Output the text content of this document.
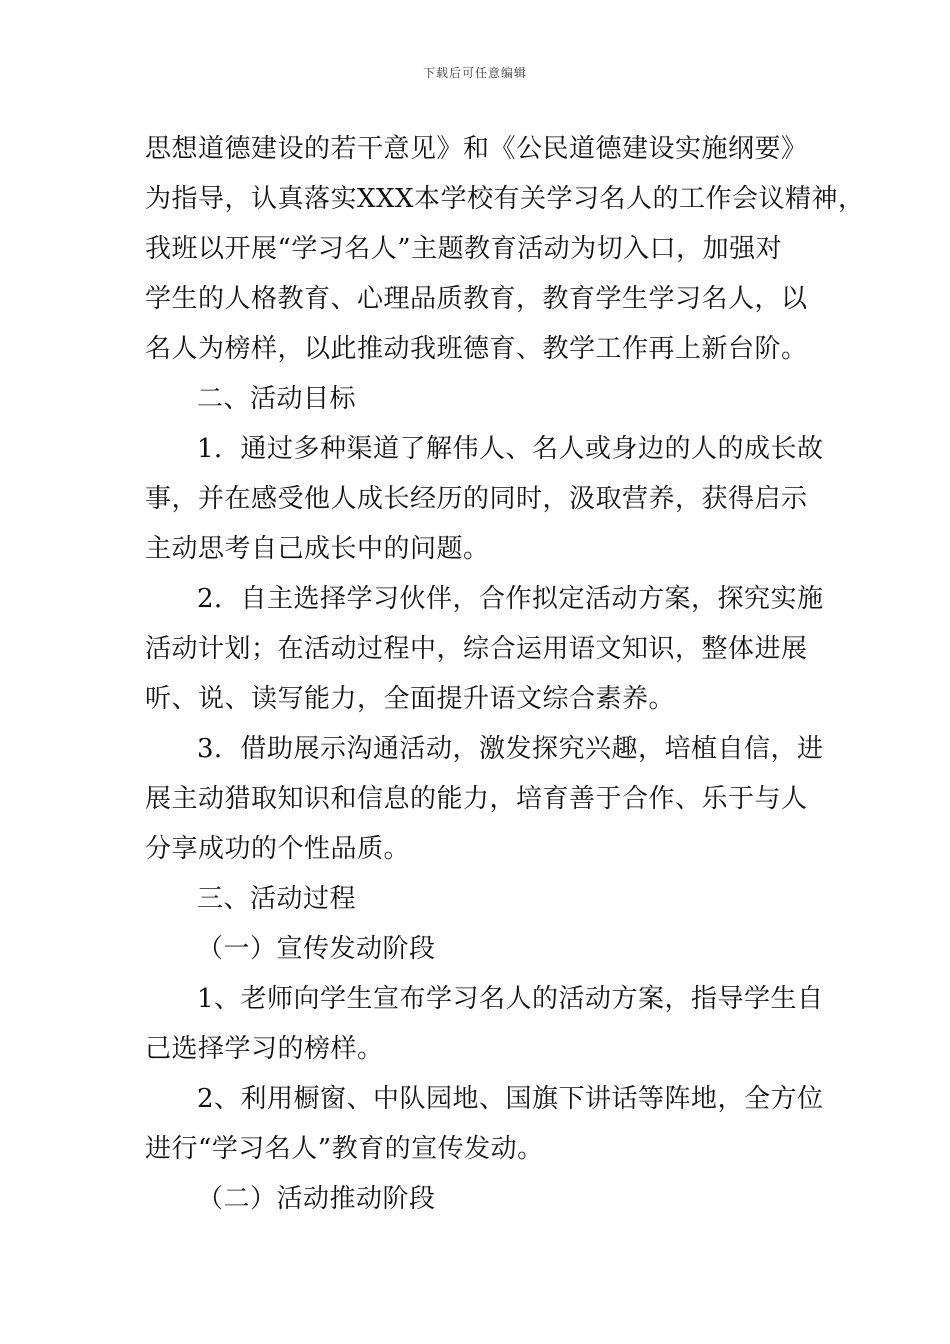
下载后可任意编辑
思想道德建设的若干意见》和《公民道德建设实施纲要》
为指导，认真落实XXX本学校有关学习名人的工作会议精神，
我班以开展“学习名人”主题教育活动为切入口，加强对
学生的人格教育、心理品质教育，教育学生学习名人，以
名人为榜样，以此推动我班德育、教学工作再上新台阶。
二、活动目标
1．通过多种渠道了解伟人、名人或身边的人的成长故
事，并在感受他人成长经历的同时，汲取营养，获得启示
主动思考自己成长中的问题。
2．自主选择学习伙伴，合作拟定活动方案，探究实施
活动计划；在活动过程中，综合运用语文知识，整体进展
听、说、读写能力，全面提升语文综合素养。
3．借助展示沟通活动，激发探究兴趣，培植自信，进
展主动猎取知识和信息的能力，培育善于合作、乐于与人
分享成功的个性品质。
三、活动过程
（一）宣传发动阶段
1、老师向学生宣布学习名人的活动方案，指导学生自
己选择学习的榜样。
2、利用橱窗、中队园地、国旗下讲话等阵地，全方位
进行“学习名人”教育的宣传发动。
（二）活动推动阶段
